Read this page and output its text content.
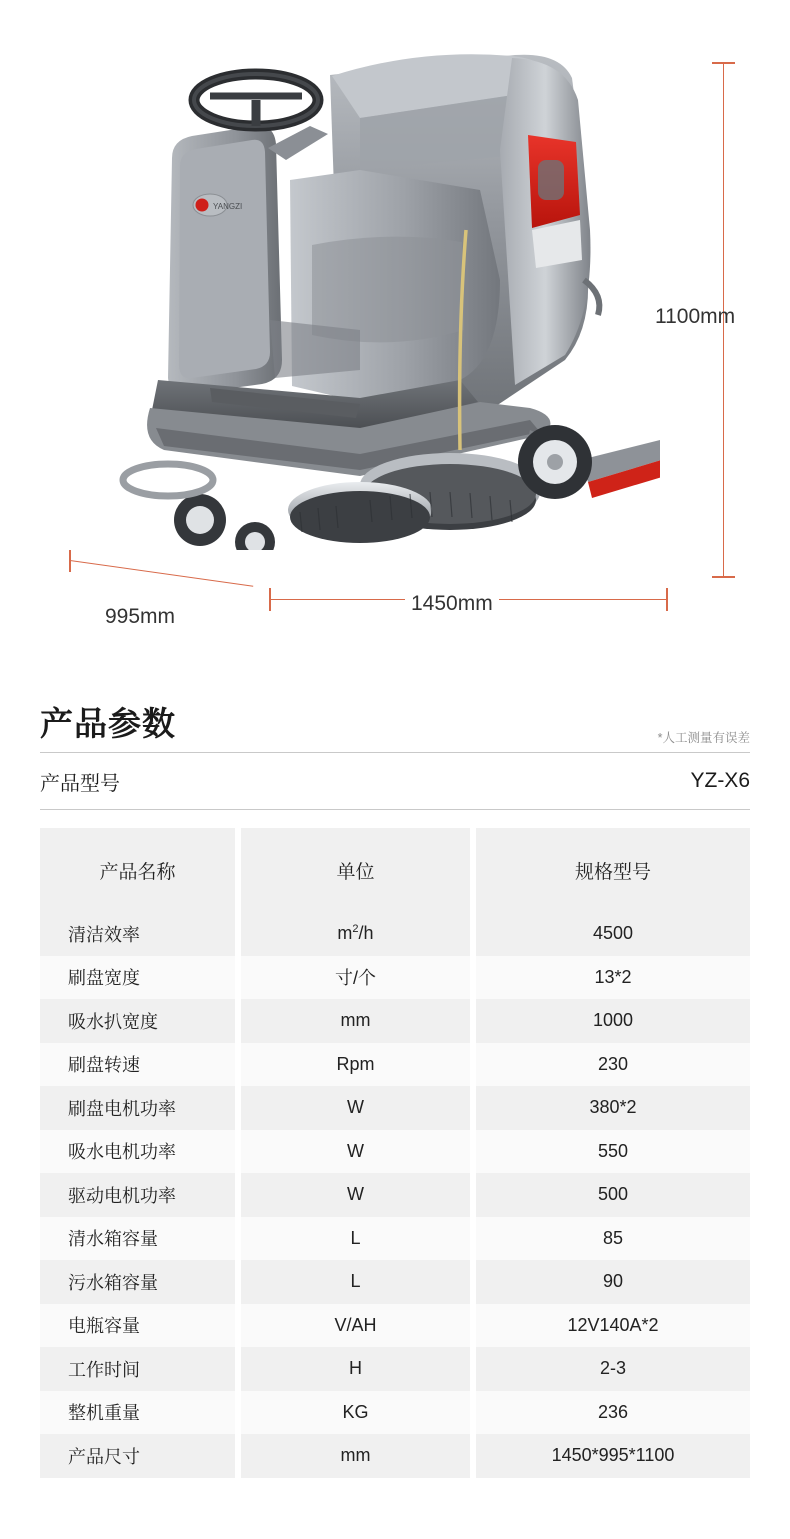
YANGZI
1100mm
1450mm
995mm
产品参数	*人工测量有误差
产品型号	YZ-X6
产品名称	单位	规格型号
清洁效率	$m^2/h$	4500
刷盘宽度	寸/个	13*2
吸水扒宽度	mm	1000
刷盘转速	Rpm	230
刷盘电机功率	W	380*2
吸水电机功率	W	550
驱动电机功率	W	500
清水箱容量	L	85
污水箱容量	L	90
电瓶容量	V/AH	12V140A*2
工作时间	H	2-3
整机重量	KG	236
产品尺寸	mm	1450*995*1100
